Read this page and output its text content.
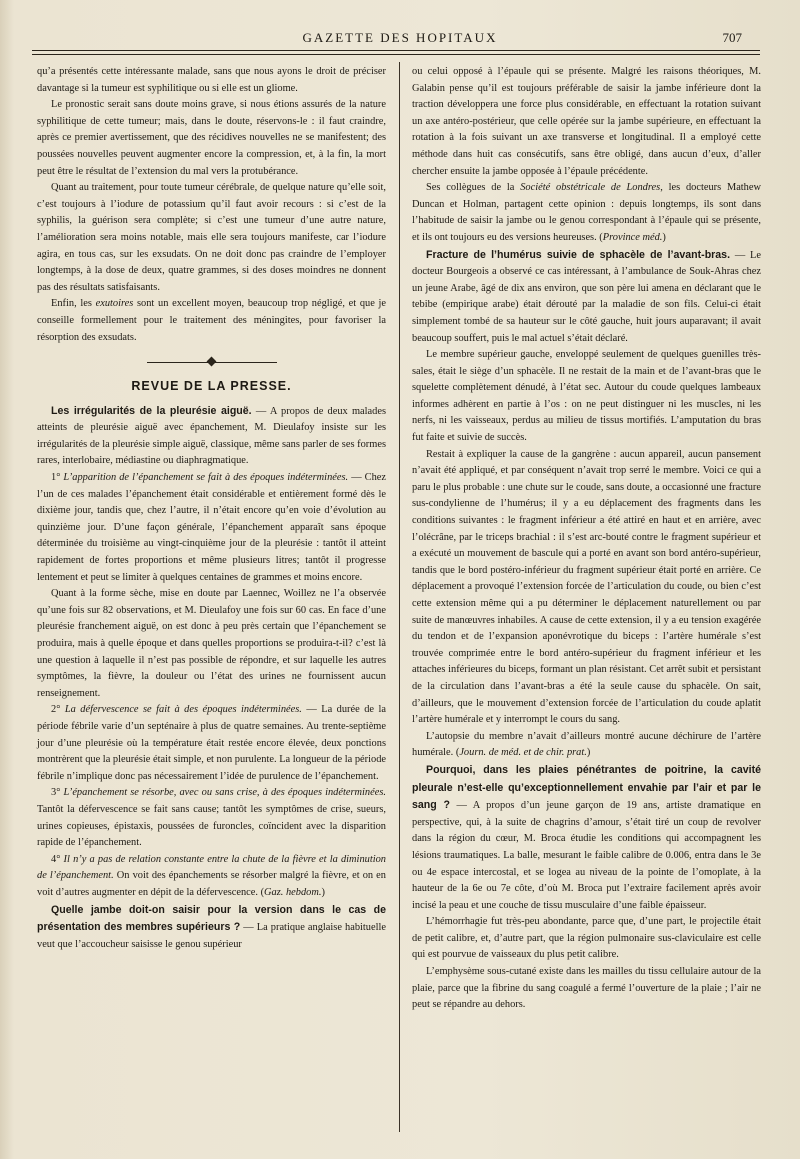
GAZETTE DES HOPITAUX	707

qu’a présentés cette intéressante malade, sans que nous ayons le droit de préciser davantage si la tumeur est syphilitique ou si elle est un gliome.

Le pronostic serait sans doute moins grave, si nous étions assurés de la nature syphilitique de cette tumeur; mais, dans le doute, réservons-le : il faut craindre, après ce premier avertissement, que des récidives nouvelles ne se manifestent; des poussées nouvelles peuvent augmenter encore la compression, et, à la fin, la mort peut être le résultat de l’extension du mal vers la protubérance.

Quant au traitement, pour toute tumeur cérébrale, de quelque nature qu’elle soit, c’est toujours à l’iodure de potassium qu’il faut avoir recours : si c’est de la syphilis, la guérison sera complète; si c’est une tumeur d’une autre nature, l’amélioration sera moins notable, mais elle sera toujours manifeste, car l’iodure agira, en tous cas, sur les exsudats. On ne doit donc pas craindre de l’employer longtemps, à la dose de deux, quatre grammes, si des doses moindres ne donnent pas des résultats satisfaisants.

Enfin, les exutoires sont un excellent moyen, beaucoup trop négligé, et que je conseille formellement pour le traitement des méningites, pour favoriser la résorption des exsudats.

REVUE DE LA PRESSE.

Les irrégularités de la pleurésie aiguë. — A propos de deux malades atteints de pleurésie aiguë avec épanchement, M. Dieulafoy insiste sur les irrégularités de la pleurésie simple aiguë, classique, même sans parler de ses formes rares, interlobaire, médiastine ou diaphragmatique.

1° L’apparition de l’épanchement se fait à des époques indéterminées. — Chez l’un de ces malades l’épanchement était considérable et entièrement formé dès le dixième jour, tandis que, chez l’autre, il n’était encore qu’en voie d’évolution au quinzième jour. D’une façon générale, l’épanchement apparaît sans époque déterminée du troisième au vingt-cinquième jour de la pleurésie : tantôt il atteint rapidement de fortes proportions et même plusieurs litres; tantôt il progresse lentement et peut se limiter à quelques centaines de grammes et moins encore.

Quant à la forme sèche, mise en doute par Laennec, Woillez ne l’a observée qu’une fois sur 82 observations, et M. Dieulafoy une fois sur 60 cas. En face d’une pleurésie franchement aiguë, on est donc à peu près certain que l’épanchement se produira, mais à quelle époque et dans quelles proportions se produira-t-il? c’est là une question à laquelle il n’est pas possible de répondre, et sur laquelle les autres symptômes, la fièvre, la douleur ou l’état des urines ne fournissent aucun renseignement.

2° La défervescence se fait à des époques indéterminées. — La durée de la période fébrile varie d’un septénaire à plus de quatre semaines. Au trente-septième jour d’une pleurésie où la température était restée encore élevée, deux ponctions montrèrent que la pleurésie était simple, et non purulente. La longueur de la période fébrile n’implique donc pas nécessairement l’idée de purulence de l’épanchement.

3° L’épanchement se résorbe, avec ou sans crise, à des époques indéterminées. Tantôt la défervescence se fait sans cause; tantôt les symptômes de crise, sueurs, urines copieuses, épistaxis, poussées de furoncles, coïncident avec la disparition rapide de l’épanchement.

4° Il n’y a pas de relation constante entre la chute de la fièvre et la diminution de l’épanchement. On voit des épanchements se résorber malgré la fièvre, et on en voit d’autres augmenter en dépit de la défervescence. (Gaz. hebdom.)

Quelle jambe doit-on saisir pour la version dans le cas de présentation des membres supérieurs ? — La pratique anglaise habituelle veut que l’accoucheur saisisse le genou supérieur

ou celui opposé à l’épaule qui se présente. Malgré les raisons théoriques, M. Galabin pense qu’il est toujours préférable de saisir la jambe inférieure dont la traction développera une force plus considérable, en effectuant la rotation suivant un axe antéro-postérieur, que celle opérée sur la jambe supérieure, en effectuant la rotation à la fois suivant un axe transverse et longitudinal. Il a employé cette méthode dans huit cas consécutifs, sans être obligé, dans aucun d’eux, d’aller chercher ensuite la jambe opposée à l’épaule précédente.

Ses collègues de la Société obstétricale de Londres, les docteurs Mathew Duncan et Holman, partagent cette opinion : depuis longtemps, ils sont dans l’habitude de saisir la jambe ou le genou correspondant à l’épaule qui se présente, et ils ont toujours eu des versions heureuses. (Province méd.)

Fracture de l’humérus suivie de sphacèle de l’avant-bras. — Le docteur Bourgeois a observé ce cas intéressant, à l’ambulance de Souk-Ahras chez un jeune Arabe, âgé de dix ans environ, que son père lui amena en déclarant que le tebibe (empirique arabe) était dérouté par la maladie de son fils. Celui-ci était simplement tombé de sa hauteur sur le côté gauche, huit jours auparavant; il avait beaucoup souffert, puis le mal actuel s’était déclaré.

Le membre supérieur gauche, enveloppé seulement de quelques guenilles très-sales, était le siège d’un sphacèle. Il ne restait de la main et de l’avant-bras que le squelette complètement dénudé, à l’état sec. Autour du coude quelques lambeaux informes adhèrent en partie à l’os : on ne peut distinguer ni les muscles, ni les nerfs, ni les vaisseaux, perdus au milieu de tissus mortifiés. L’amputation du bras fut faite et suivie de succès.

Restait à expliquer la cause de la gangrène : aucun appareil, aucun pansement n’avait été appliqué, et par conséquent n’avait trop serré le membre. Voici ce qui a paru le plus probable : une chute sur le coude, sans doute, a occasionné une fracture sus-condylienne de l’humérus; il y a eu déplacement des fragments dans les conditions suivantes : le fragment inférieur a été attiré en haut et en arrière, avec l’olécrâne, par le triceps brachial : il s’est arc-bouté contre le fragment supérieur et a exécuté un mouvement de bascule qui a porté en avant son bord antéro-supérieur, tandis que le bord postéro-inférieur du fragment supérieur était porté en arrière. Ce déplacement a provoqué l’extension forcée de l’articulation du coude, ou bien c’est cette extension même qui a pu déterminer le déplacement naturellement ou par suite de manœuvres inhabiles. A cause de cette extension, il y a eu tension exagérée du tendon et de l’expansion aponévrotique du biceps : l’artère humérale s’est trouvée comprimée entre le bord antéro-supérieur du fragment inférieur et les attaches inférieures du biceps, formant un plan résistant. Cet arrêt subit et persistant de la circulation dans l’avant-bras a été la seule cause du sphacèle. On sait, d’ailleurs, que le mouvement d’extension forcée de l’articulation du coude aplatit l’artère humérale et y interrompt le cours du sang.

L’autopsie du membre n’avait d’ailleurs montré aucune déchirure de l’artère humérale. (Journ. de méd. et de chir. prat.)

Pourquoi, dans les plaies pénétrantes de poitrine, la cavité pleurale n’est-elle qu’exceptionnellement envahie par l’air et par le sang ? — A propos d’un jeune garçon de 19 ans, artiste dramatique en perspective, qui, à la suite de chagrins d’amour, s’était tiré un coup de revolver dans la région du cœur, M. Broca étudie les conditions qui accompagnent les lésions traumatiques. La balle, mesurant le faible calibre de 0.006, entra dans le 3e ou 4e espace intercostal, et se logea au niveau de la pointe de l’omoplate, à la hauteur de la 6e ou 7e côte, d’où M. Broca put l’extraire facilement après avoir incisé la peau et une couche de tissu musculaire d’une faible épaisseur.

L’hémorrhagie fut très-peu abondante, parce que, d’une part, le projectile était de petit calibre, et, d’autre part, que la région pulmonaire sus-claviculaire est celle qui est pourvue de vaisseaux du plus petit calibre.

L’emphysème sous-cutané existe dans les mailles du tissu cellulaire autour de la plaie, parce que la fibrine du sang coagulé a fermé l’ouverture de la plaie ; l’air ne peut se répandre au dehors.
